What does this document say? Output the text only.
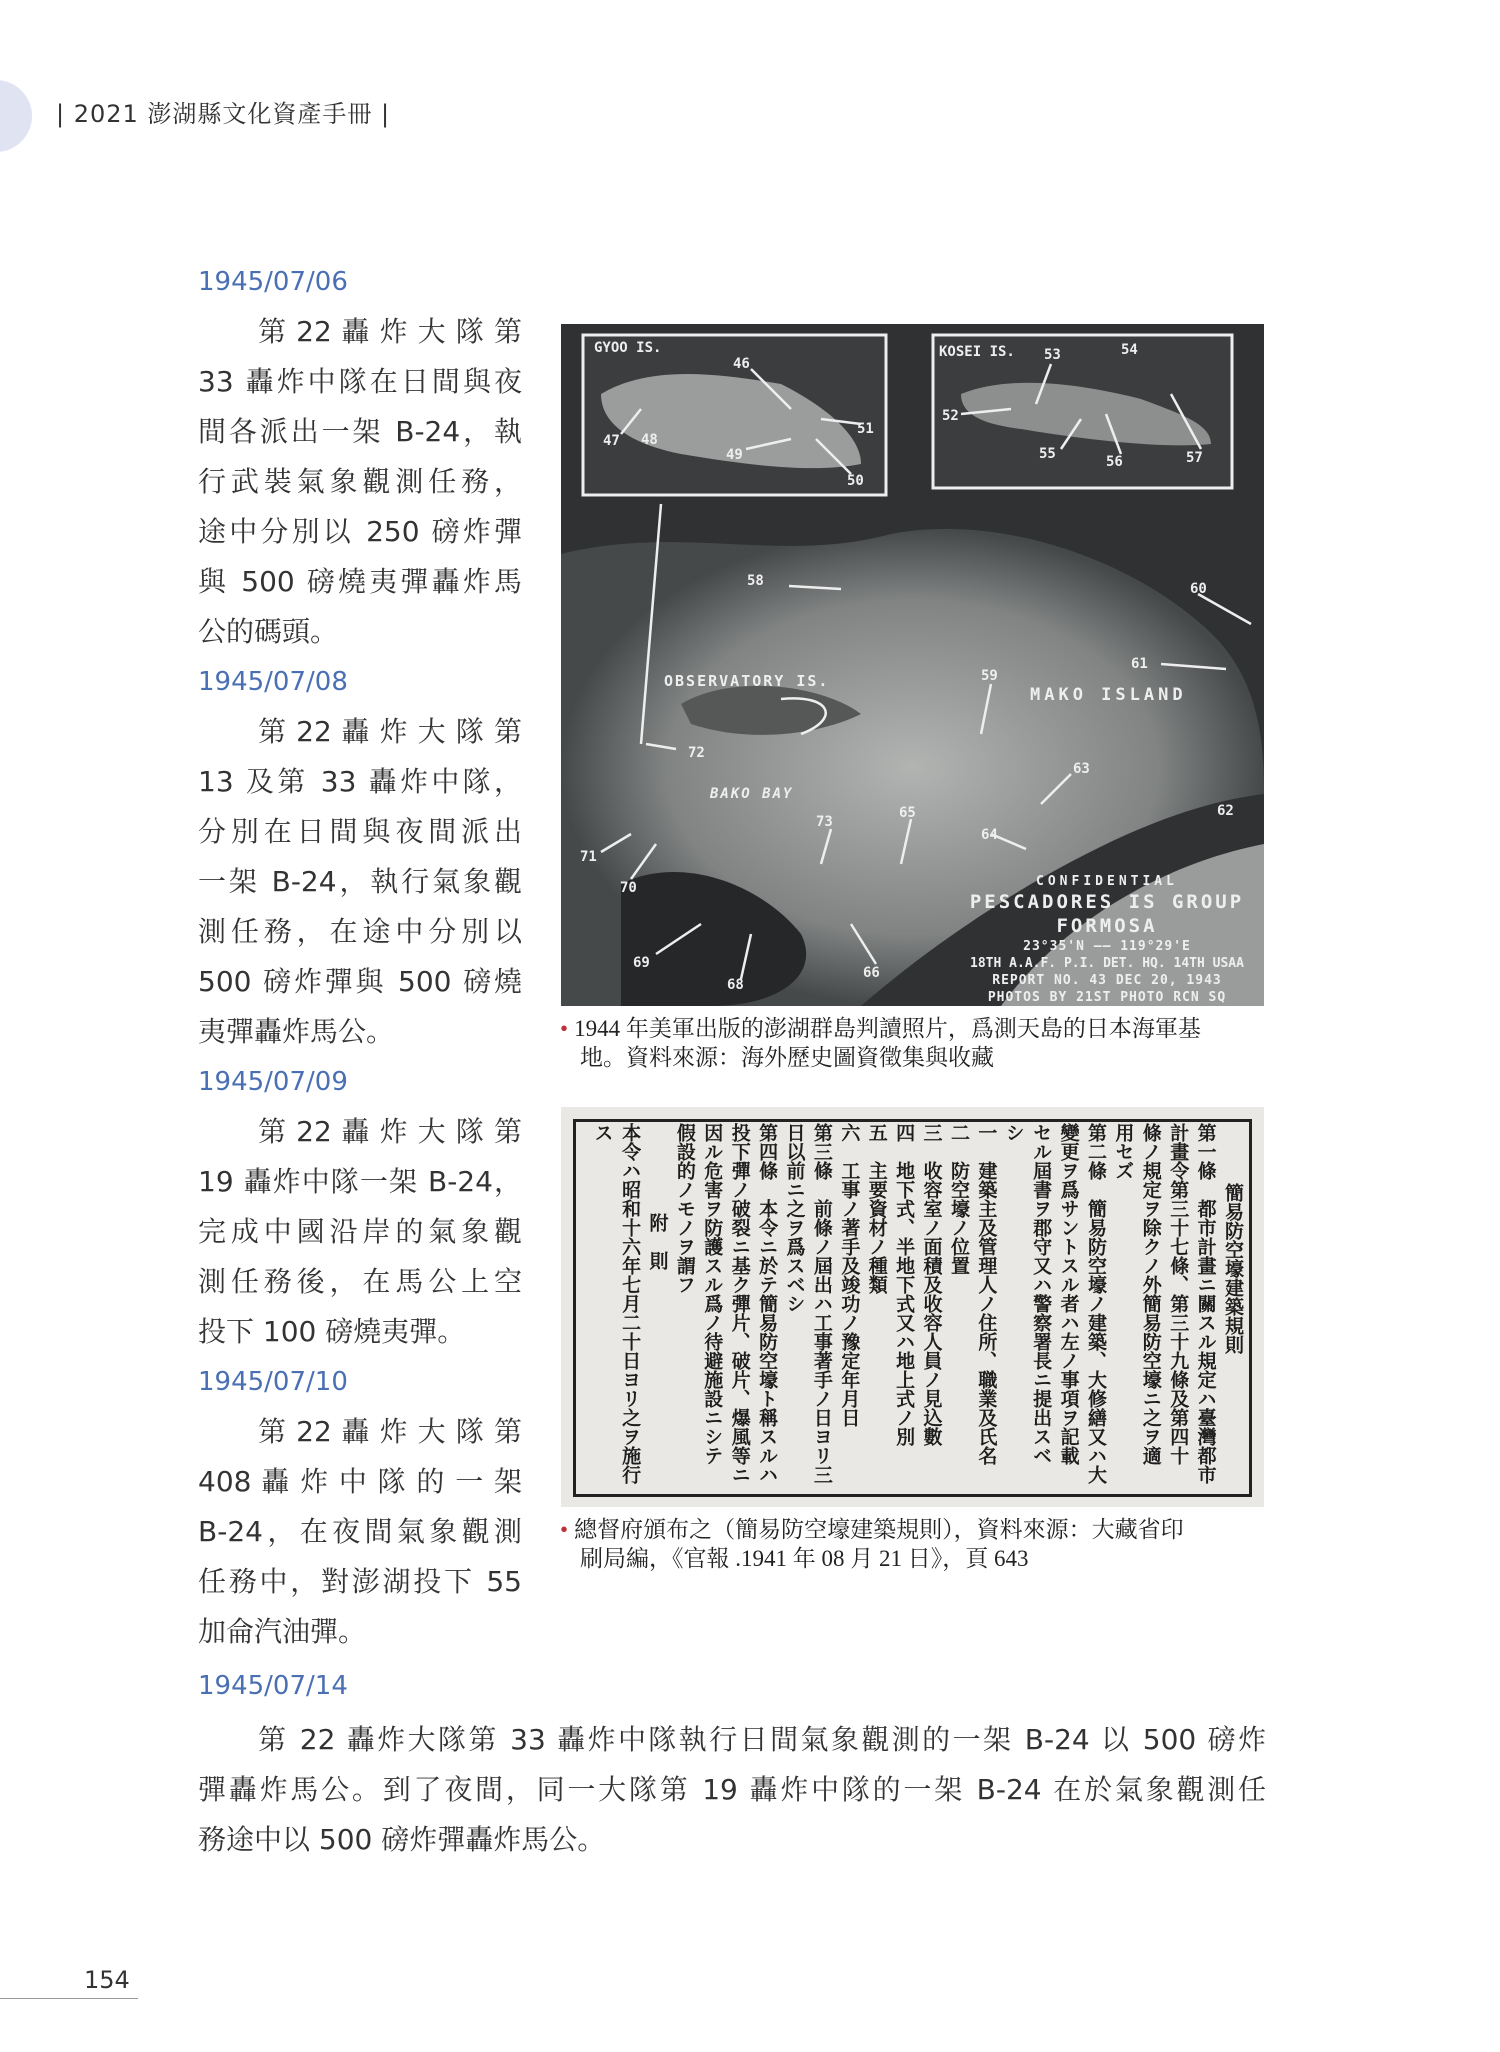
| 2021 澎湖縣文化資產手冊 |
1945/07/06
第 22 轟 炸 大 隊 第
33 轟炸中隊在日間與夜
間各派出一架 B-24，執
行武裝氣象觀測任務，
途中分別以 250 磅炸彈
與 500 磅燒夷彈轟炸馬
公的碼頭。
1945/07/08
第 22 轟 炸 大 隊 第
13 及第 33 轟炸中隊，
分別在日間與夜間派出
一架 B-24，執行氣象觀
測任務，在途中分別以
500 磅炸彈與 500 磅燒
夷彈轟炸馬公。
1945/07/09
第 22 轟 炸 大 隊 第
19 轟炸中隊一架 B-24，
完成中國沿岸的氣象觀
測任務後，在馬公上空
投下 100 磅燒夷彈。
1945/07/10
第 22 轟 炸 大 隊 第
408 轟 炸 中 隊 的 一 架
B-24，在夜間氣象觀測
任務中，對澎湖投下 55
加侖汽油彈。
GYOO IS.	KOSEI IS.
46
47 48
49
50
51
52
53	54
55	56	57
58
59
60
61
62
63
64
65
66
68
69
70
71
72
73
OBSERVATORY IS.
MAKO ISLAND
BAKO BAY
CONFIDENTIAL
PESCADORES IS GROUP
FORMOSA
23°35'N —— 119°29'E
18TH A.A.F. P.I. DET. HQ. 14TH USAA
REPORT NO. 43 DEC 20, 1943
PHOTOS BY 21ST PHOTO RCN SQ
• 1944 年美軍出版的澎湖群島判讀照片，爲測天島的日本海軍基
地。資料來源：海外歷史圖資徵集與收藏
簡易防空壕建築規則
第一條　都市計畫ニ關スル規定ハ臺灣都市
計畫令第三十七條、第三十九條及第四十
條ノ規定ヲ除クノ外簡易防空壕ニ之ヲ適
用セズ
第二條　簡易防空壕ノ建築、大修繕又ハ大
變更ヲ爲サントスル者ハ左ノ事項ヲ記載
セル屆書ヲ郡守又ハ警察署長ニ提出スベ
シ
一　建築主及管理人ノ住所、職業及氏名
二　防空壕ノ位置
三　收容室ノ面積及收容人員ノ見込數
四　地下式、半地下式又ハ地上式ノ別
五　主要資材ノ種類
六　工事ノ著手及竣功ノ豫定年月日
第三條　前條ノ屆出ハ工事著手ノ日ヨリ三
日以前ニ之ヲ爲スベシ
第四條　本令ニ於テ簡易防空壕ト稱スルハ
投下彈ノ破裂ニ基ク彈片、破片、爆風等ニ
因ル危害ヲ防護スル爲ノ待避施設ニシテ
假設的ノモノヲ謂フ
附　則
本令ハ昭和十六年七月二十日ヨリ之ヲ施行
ス
• 總督府頒布之（簡易防空壕建築規則），資料來源：大藏省印
刷局編，《官報 .1941 年 08 月 21 日》，頁 643
1945/07/14
第 22 轟炸大隊第 33 轟炸中隊執行日間氣象觀測的一架 B-24 以 500 磅炸
彈轟炸馬公。到了夜間，同一大隊第 19 轟炸中隊的一架 B-24 在於氣象觀測任
務途中以 500 磅炸彈轟炸馬公。
154
